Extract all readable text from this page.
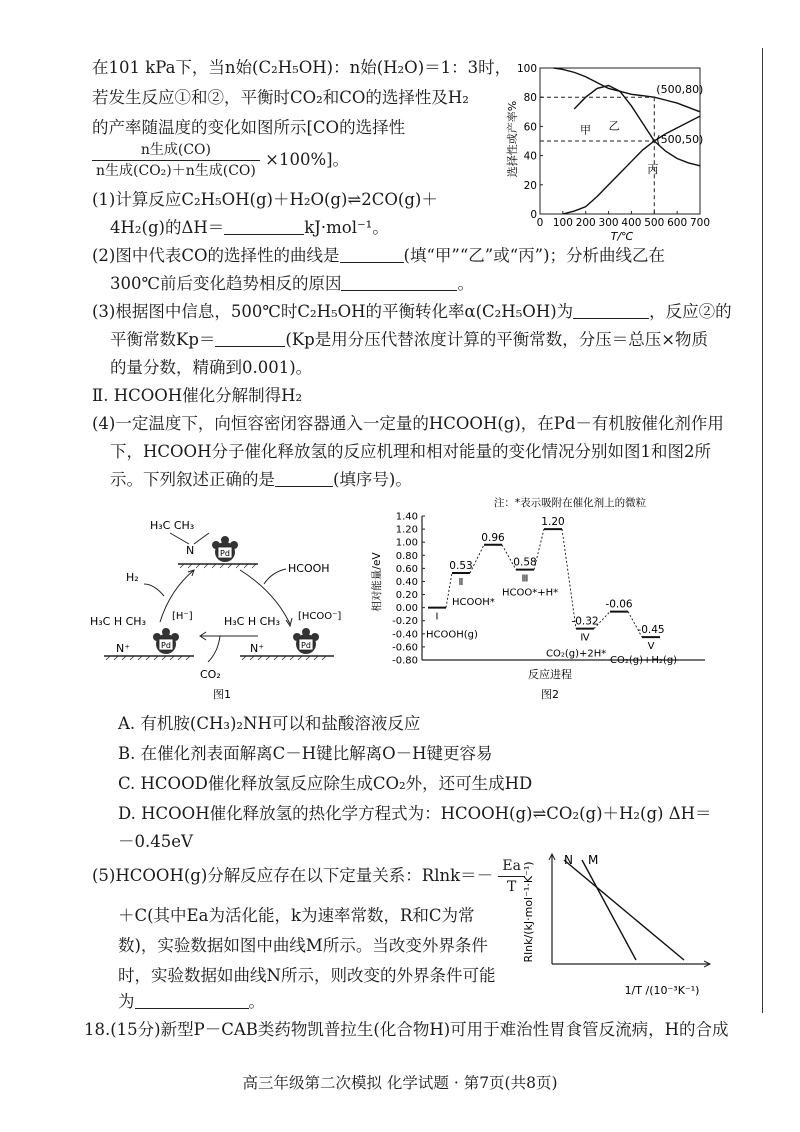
在101 kPa下，当n始(C₂H₅OH)：n始(H₂O)＝1：3时，
若发生反应①和②，平衡时CO₂和CO的选择性及H₂
的产率随温度的变化如图所示[CO的选择性
$\frac{\text{n生成(CO)}}{\text{n生成(CO₂)＋n生成(CO)}} \times 100\%$]。
(1)计算反应C₂H₅OH(g)＋H₂O(g)⇌2CO(g)＋
4H₂(g)的ΔH＝	kJ·mol⁻¹。
(2)图中代表CO的选择性的曲线是	(填“甲”“乙”或“丙”)；分析曲线乙在
300℃前后变化趋势相反的原因	。
(3)根据图中信息，500℃时C₂H₅OH的平衡转化率α(C₂H₅OH)为	，反应②的
平衡常数Kp＝	(Kp是用分压代替浓度计算的平衡常数，分压＝总压×物质
的量分数，精确到0.001)。
Ⅱ. HCOOH催化分解制得H₂
(4)一定温度下，向恒容密闭容器通入一定量的HCOOH(g)，在Pd－有机胺催化剂作用
下，HCOOH分子催化释放氢的反应机理和相对能量的变化情况分别如图1和图2所
示。下列叙述正确的是	(填序号)。
A. 有机胺(CH₃)₂NH可以和盐酸溶液反应
B. 在催化剂表面解离C－H键比解离O－H键更容易
C. HCOOD催化释放氢反应除生成CO₂外，还可生成HD
D. HCOOH催化释放氢的热化学方程式为：HCOOH(g)⇌CO₂(g)＋H₂(g) ΔH＝
－0.45eV
(5)HCOOH(g)分解反应存在以下定量关系：$Rlnk=- \frac{Ea}{T}$
＋C(其中Ea为活化能，k为速率常数，R和C为常
数)，实验数据如图中曲线M所示。当改变外界条件
时，实验数据如曲线N所示，则改变的外界条件可能
为	。
18.(15分)新型P－CAB类药物凯普拉生(化合物H)可用于难治性胃食管反流病，H的合成
高三年级第二次模拟 化学试题 · 第7页(共8页)
0 100 200 300 400 500 600 700
0
20
40
60
80
100
甲 乙
丙
(500,80)
(500,50)
T/℃
选择性或产率%
H₃C CH₃
N	Pd
HCOOH
H₂
CO₂
H₃C H CH₃
N⁺
[H⁻]
Pd
H₃C H CH₃
N⁺
[HCOO⁻]
Pd
图1
注：*表示吸附在催化剂上的微粒
1.40
1.20
1.00
0.80
0.60
0.40
0.20
0.00
-0.20
-0.40
-0.60
-0.80
Ⅰ
0.53
Ⅱ
0.96
0.58
Ⅲ
1.20
-0.32
Ⅳ
-0.06
-0.45
Ⅴ
HCOOH(g)
HCOOH*
HCOO*+H*
CO₂(g)+2H*
CO₂(g)+H₂(g)
相对能量/eV
反应进程
图2
N M
Rlnk/(kJ·mol⁻¹·K⁻¹)
1/T /(10⁻³K⁻¹)
